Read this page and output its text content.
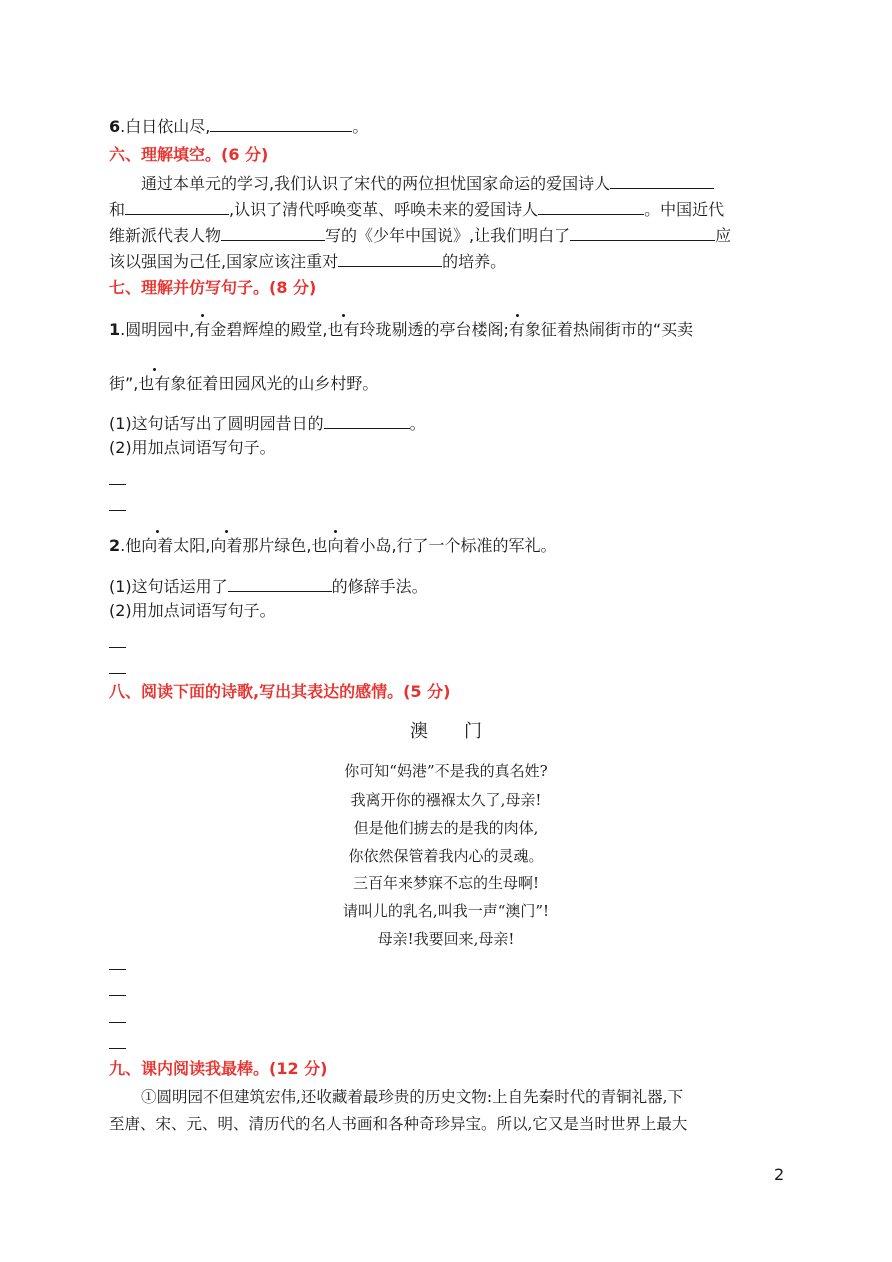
6.白日依山尽,	。
六、理解填空。(6 分)
通过本单元的学习,我们认识了宋代的两位担忧国家命运的爱国诗人
和	,认识了清代呼唤变革、呼唤未来的爱国诗人	。中国近代
维新派代表人物	写的《少年中国说》,让我们明白了	应
该以强国为己任,国家应该注重对	的培养。
七、理解并仿写句子。(8 分)
1.圆明园中,有金碧辉煌的殿堂,也有玲珑剔透的亭台楼阁;有象征着热闹街市的“买卖
街”,也有象征着田园风光的山乡村野。
(1)这句话写出了圆明园昔日的	。
(2)用加点词语写句子。
2.他向着太阳,向着那片绿色,也向着小岛,行了一个标准的军礼。
(1)这句话运用了	的修辞手法。
(2)用加点词语写句子。
八、阅读下面的诗歌,写出其表达的感情。(5 分)
澳　　门
你可知“妈港”不是我的真名姓?
我离开你的襁褓太久了,母亲!
但是他们掳去的是我的肉体,
你依然保管着我内心的灵魂。
三百年来梦寐不忘的生母啊!
请叫儿的乳名,叫我一声“澳门”!
母亲!我要回来,母亲!
九、课内阅读我最棒。(12 分)
①圆明园不但建筑宏伟,还收藏着最珍贵的历史文物:上自先秦时代的青铜礼器,下
至唐、宋、元、明、清历代的名人书画和各种奇珍异宝。所以,它又是当时世界上最大
2
